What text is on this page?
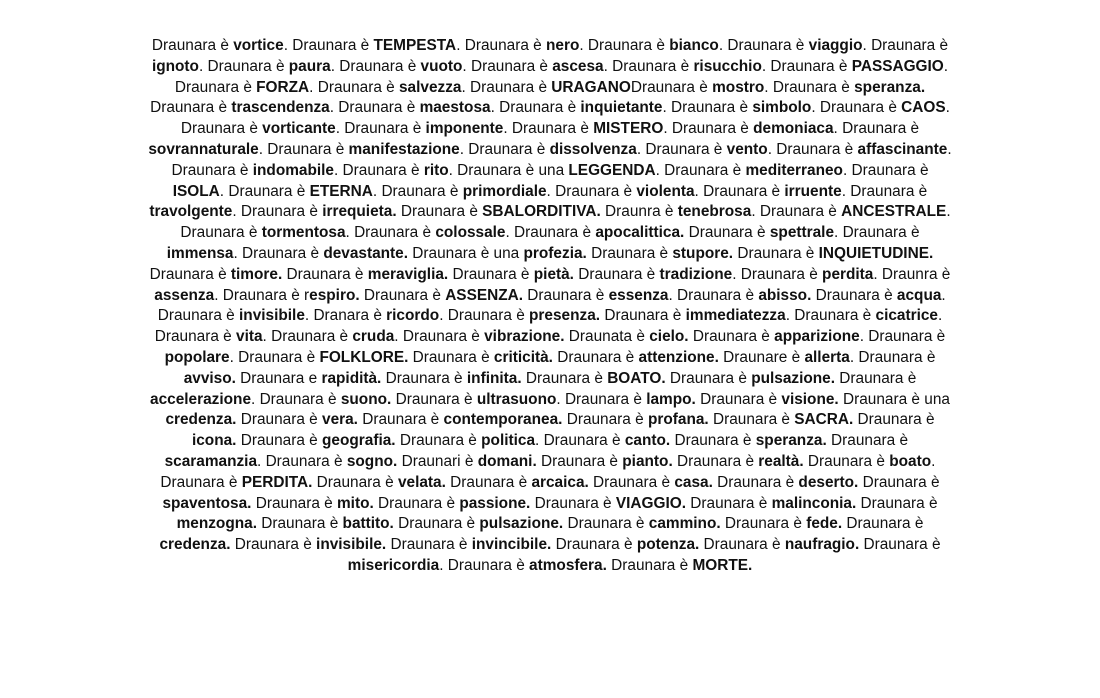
Draunara è vortice. Draunara è TEMPESTA. Draunara è nero. Draunara è bianco. Draunara è viaggio. Draunara è
ignoto. Draunara è paura. Draunara è vuoto. Draunara è ascesa. Draunara è risucchio. Draunara è PASSAGGIO.
Draunara è FORZA. Draunara è salvezza. Draunara è URAGANODraunara è mostro. Draunara è speranza.
Draunara è trascendenza. Draunara è maestosa. Draunara è inquietante. Draunara è simbolo. Draunara è CAOS.
Draunara è vorticante. Draunara è imponente. Draunara è MISTERO. Draunara è demoniaca. Draunara è
sovrannaturale. Draunara è manifestazione. Draunara è dissolvenza. Draunara è vento. Draunara è affascinante.
Draunara è indomabile. Draunara è rito. Draunara è una LEGGENDA. Draunara è mediterraneo. Draunara è
ISOLA. Draunara è ETERNA. Draunara è primordiale. Draunara è violenta. Draunara è irruente. Draunara è
travolgente. Draunara è irrequieta. Draunara è SBALORDITIVA. Draunra è tenebrosa. Draunara è ANCESTRALE.
Draunara è tormentosa. Draunara è colossale. Draunara è apocalittica. Draunara è spettrale. Draunara è
immensa. Draunara è devastante. Draunara è una profezia. Draunara è stupore. Draunara è INQUIETUDINE.
Draunara è timore. Draunara è meraviglia. Draunara è pietà. Draunara è tradizione. Draunara è perdita. Draunra è
assenza. Draunara è respiro. Draunara è ASSENZA. Draunara è essenza. Draunara è abisso. Draunara è acqua.
Draunara è invisibile. Dranara è ricordo. Draunara è presenza. Draunara è immediatezza. Draunara è cicatrice.
Draunara è vita. Draunara è cruda. Draunara è vibrazione. Draunata è cielo. Draunara è apparizione. Draunara è
popolare. Draunara è FOLKLORE. Draunara è criticità. Draunara è attenzione. Draunare è allerta. Draunara è
avviso. Draunara e rapidità. Draunara è infinita. Draunara è BOATO. Draunara è pulsazione. Draunara è
accelerazione. Draunara è suono. Draunara è ultrasuono. Draunara è lampo. Draunara è visione. Draunara è una
credenza. Draunara è vera. Draunara è contemporanea. Draunara è profana. Draunara è SACRA. Draunara è
icona. Draunara è geografia. Draunara è politica. Draunara è canto. Draunara è speranza. Draunara è
scaramanzia. Draunara è sogno. Draunari è domani. Draunara è pianto. Draunara è realtà. Draunara è boato.
Draunara è PERDITA. Draunara è velata. Draunara è arcaica. Draunara è casa. Draunara è deserto. Draunara è
spaventosa. Draunara è mito. Draunara è passione. Draunara è VIAGGIO. Draunara è malinconia. Draunara è
menzogna. Draunara è battito. Draunara è pulsazione. Draunara è cammino. Draunara è fede. Draunara è
credenza. Draunara è invisibile. Draunara è invincibile. Draunara è potenza. Draunara è naufragio. Draunara è
misericordia. Draunara è atmosfera. Draunara è MORTE.
